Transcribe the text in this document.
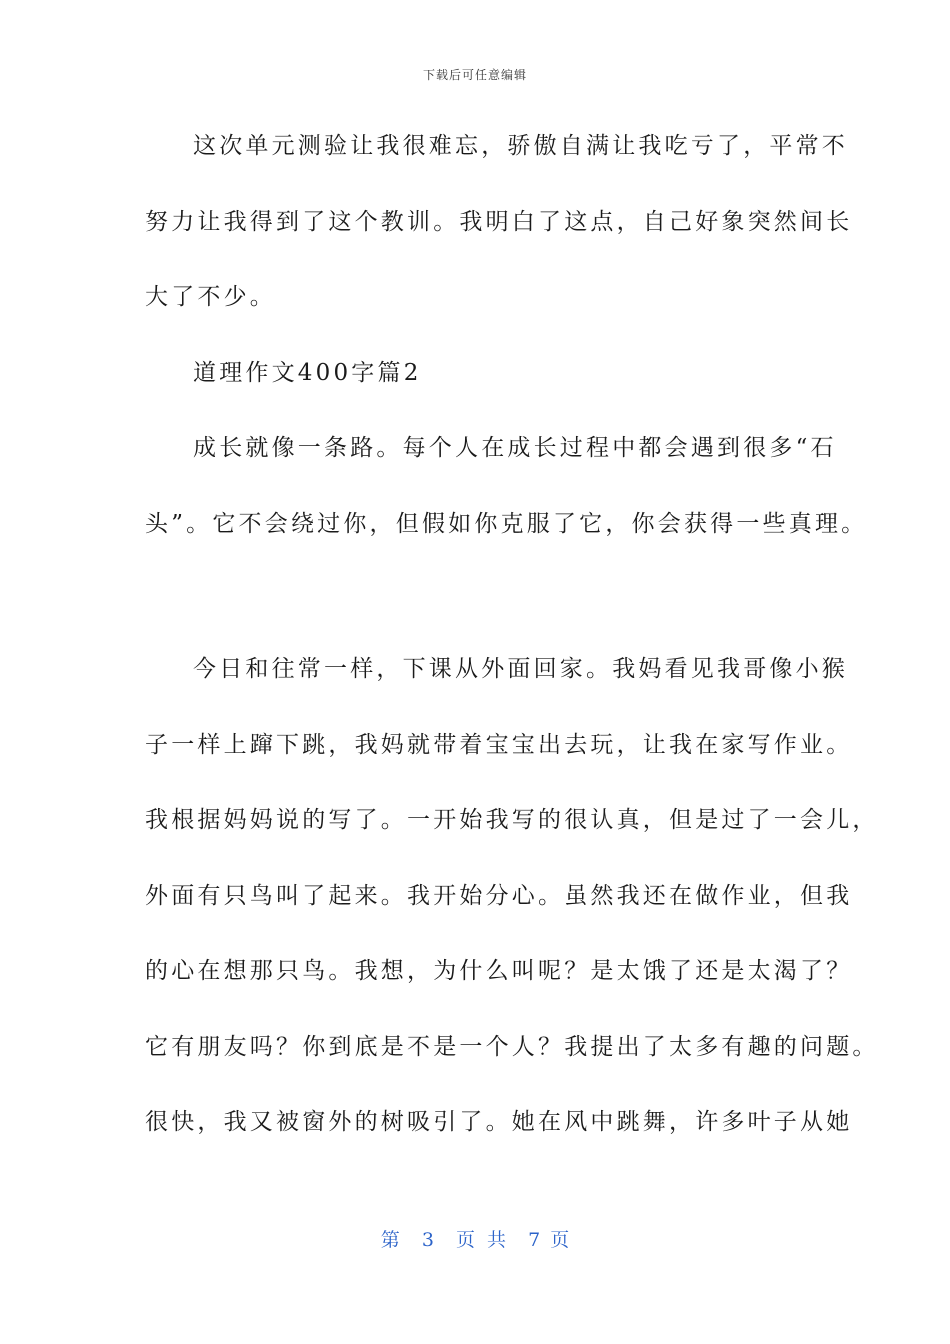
下载后可任意编辑
这次单元测验让我很难忘，骄傲自满让我吃亏了，平常不
努力让我得到了这个教训。我明白了这点，自己好象突然间长
大了不少。
道理作文400字篇2
成长就像一条路。每个人在成长过程中都会遇到很多“石
头”。它不会绕过你，但假如你克服了它，你会获得一些真理。
今日和往常一样，下课从外面回家。我妈看见我哥像小猴
子一样上蹿下跳，我妈就带着宝宝出去玩，让我在家写作业。
我根据妈妈说的写了。一开始我写的很认真，但是过了一会儿，
外面有只鸟叫了起来。我开始分心。虽然我还在做作业，但我
的心在想那只鸟。我想，为什么叫呢？是太饿了还是太渴了？
它有朋友吗？你到底是不是一个人？我提出了太多有趣的问题。
很快，我又被窗外的树吸引了。她在风中跳舞，许多叶子从她
第 3 页 共 7 页
